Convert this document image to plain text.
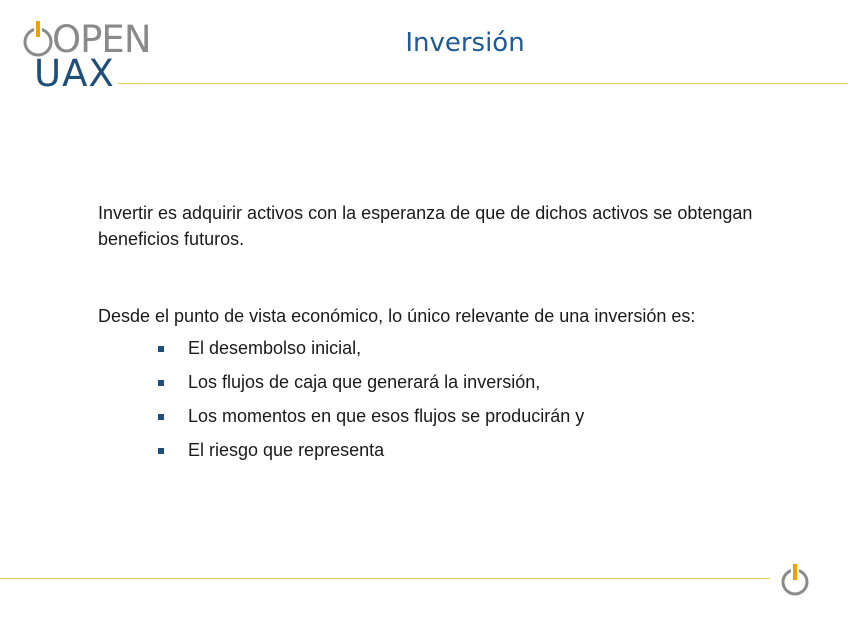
OPEN
UAX
Inversión

Invertir es adquirir activos con la esperanza de que de dichos activos se obtengan beneficios futuros.

Desde el punto de vista económico, lo único relevante de una inversión es:

El desembolso inicial,
Los flujos de caja que generará la inversión,
Los momentos en que esos flujos se producirán y
El riesgo que representa
